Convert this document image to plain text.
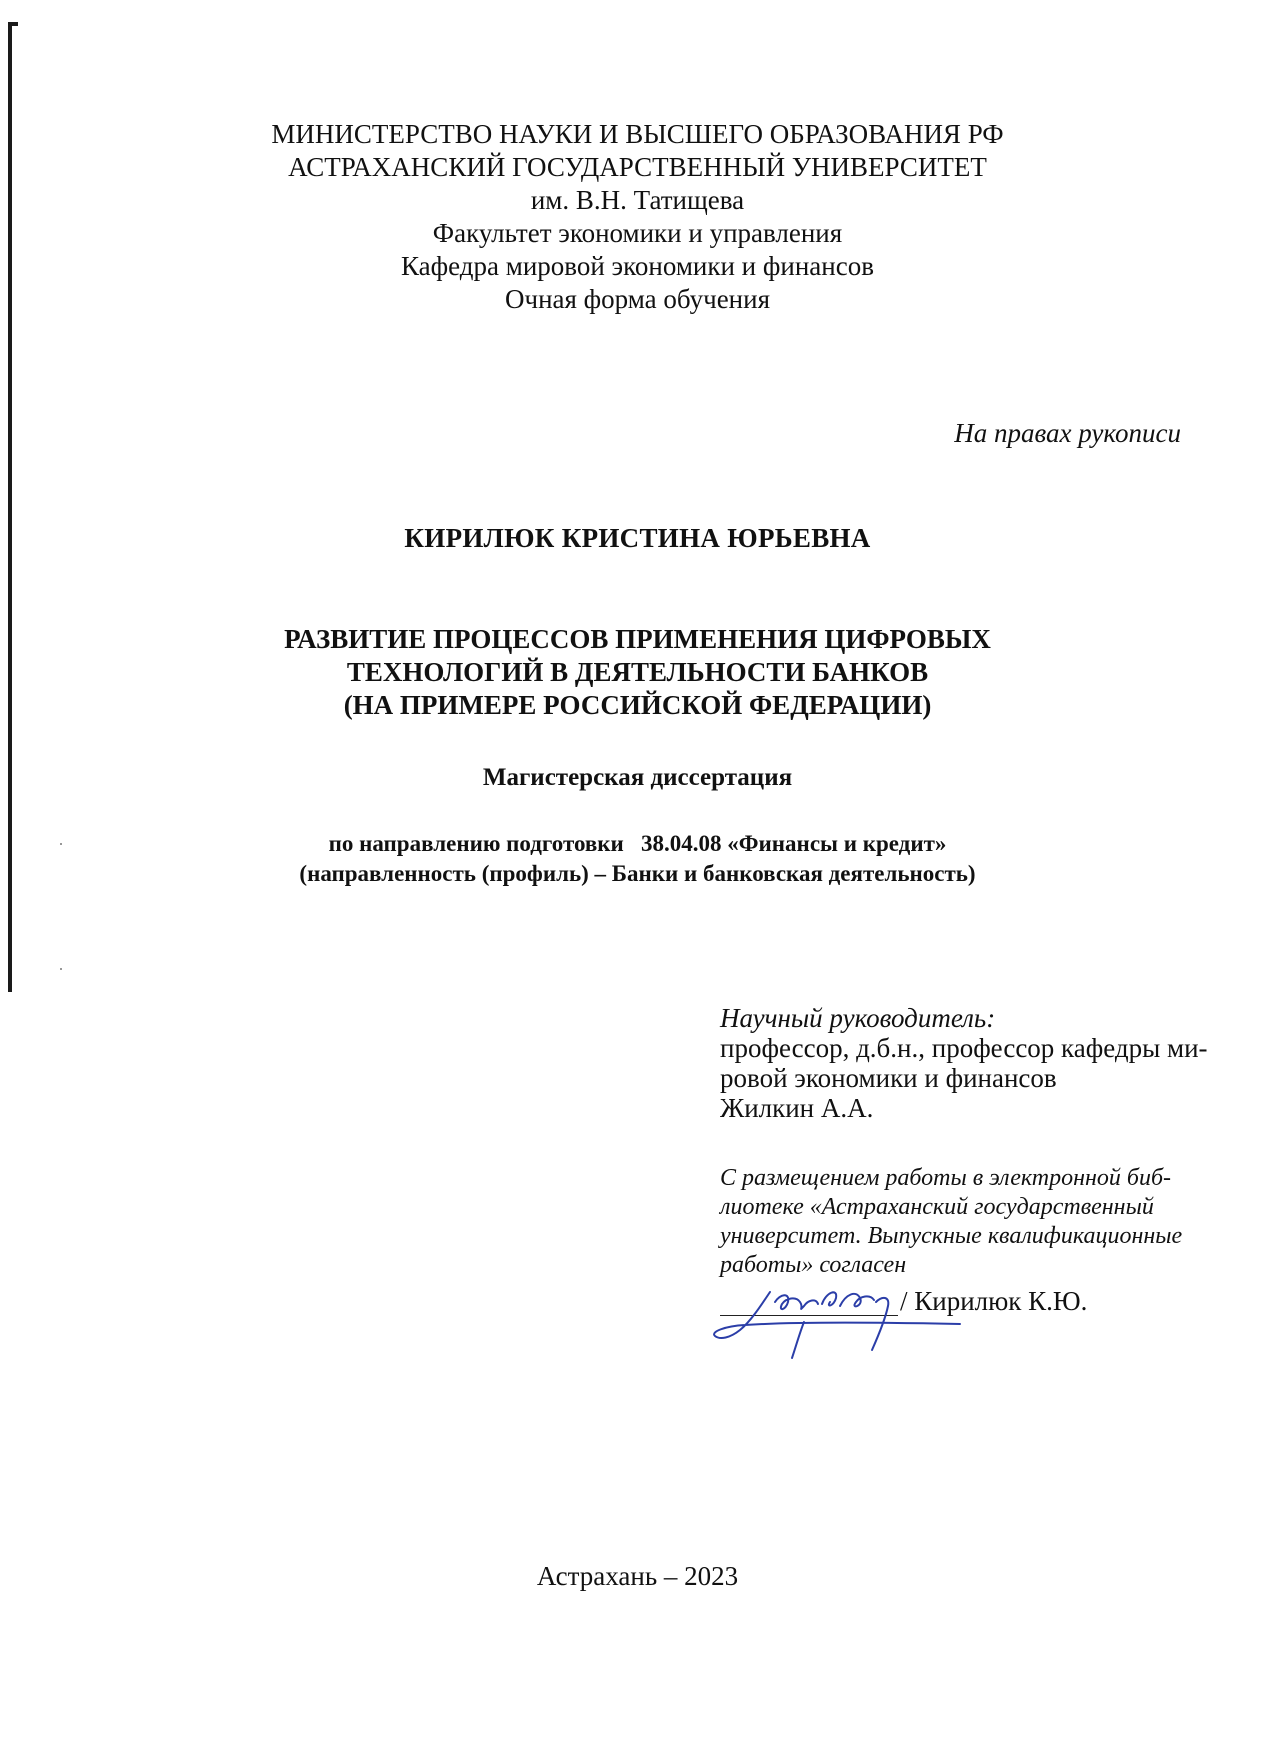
МИНИСТЕРСТВО НАУКИ И ВЫСШЕГО ОБРАЗОВАНИЯ РФ
АСТРАХАНСКИЙ ГОСУДАРСТВЕННЫЙ УНИВЕРСИТЕТ
им. В.Н. Татищева
Факультет экономики и управления
Кафедра мировой экономики и финансов
Очная форма обучения
На правах рукописи
КИРИЛЮК КРИСТИНА ЮРЬЕВНА
РАЗВИТИЕ ПРОЦЕССОВ ПРИМЕНЕНИЯ ЦИФРОВЫХ
ТЕХНОЛОГИЙ В ДЕЯТЕЛЬНОСТИ БАНКОВ
(НА ПРИМЕРЕ РОССИЙСКОЙ ФЕДЕРАЦИИ)
Магистерская диссертация
по направлению подготовки   38.04.08 «Финансы и кредит»
(направленность (профиль) – Банки и банковская деятельность)
Научный руководитель:
профессор, д.б.н., профессор кафедры ми-
ровой экономики и финансов
Жилкин А.А.
С размещением работы в электронной биб-
лиотеке «Астраханский государственный
университет. Выпускные квалификационные
работы» согласен
/ Кирилюк К.Ю.
Астрахань – 2023
